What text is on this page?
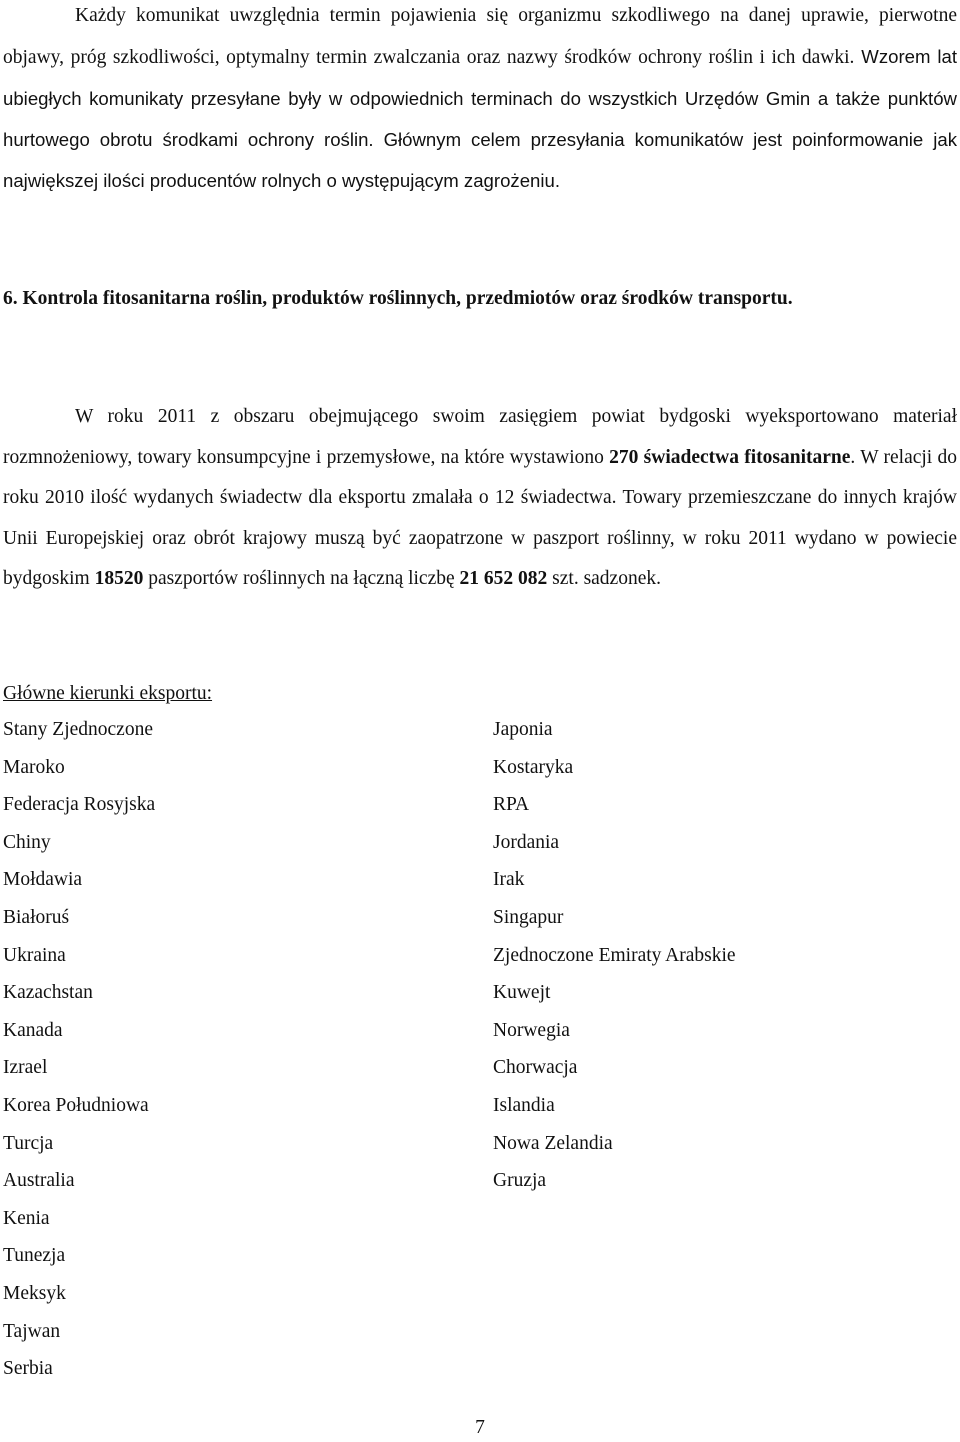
Każdy komunikat uwzględnia termin pojawienia się organizmu szkodliwego na danej uprawie, pierwotne objawy, próg szkodliwości, optymalny termin zwalczania oraz nazwy środków ochrony roślin i ich dawki. Wzorem lat ubiegłych komunikaty przesyłane były w odpowiednich terminach do wszystkich Urzędów Gmin a także punktów hurtowego obrotu środkami ochrony roślin. Głównym celem przesyłania komunikatów jest poinformowanie jak największej ilości producentów rolnych o występującym zagrożeniu.

6. Kontrola fitosanitarna roślin, produktów roślinnych, przedmiotów oraz środków transportu.

W roku 2011 z obszaru obejmującego swoim zasięgiem powiat bydgoski wyeksportowano materiał rozmnożeniowy, towary konsumpcyjne i przemysłowe, na które wystawiono 270 świadectwa fitosanitarne. W relacji do roku 2010 ilość wydanych świadectw dla eksportu zmalała o 12 świadectwa. Towary przemieszczane do innych krajów Unii Europejskiej oraz obrót krajowy muszą być zaopatrzone w paszport roślinny, w roku 2011 wydano w powiecie bydgoskim 18520 paszportów roślinnych na łączną liczbę 21 652 082 szt. sadzonek.

Główne kierunki eksportu:
Stany Zjednoczone
Maroko
Federacja Rosyjska
Chiny
Mołdawia
Białoruś
Ukraina
Kazachstan
Kanada
Izrael
Korea Południowa
Turcja
Australia
Kenia
Tunezja
Meksyk
Tajwan
Serbia
Japonia
Kostaryka
RPA
Jordania
Irak
Singapur
Zjednoczone Emiraty Arabskie
Kuwejt
Norwegia
Chorwacja
Islandia
Nowa Zelandia
Gruzja
7
